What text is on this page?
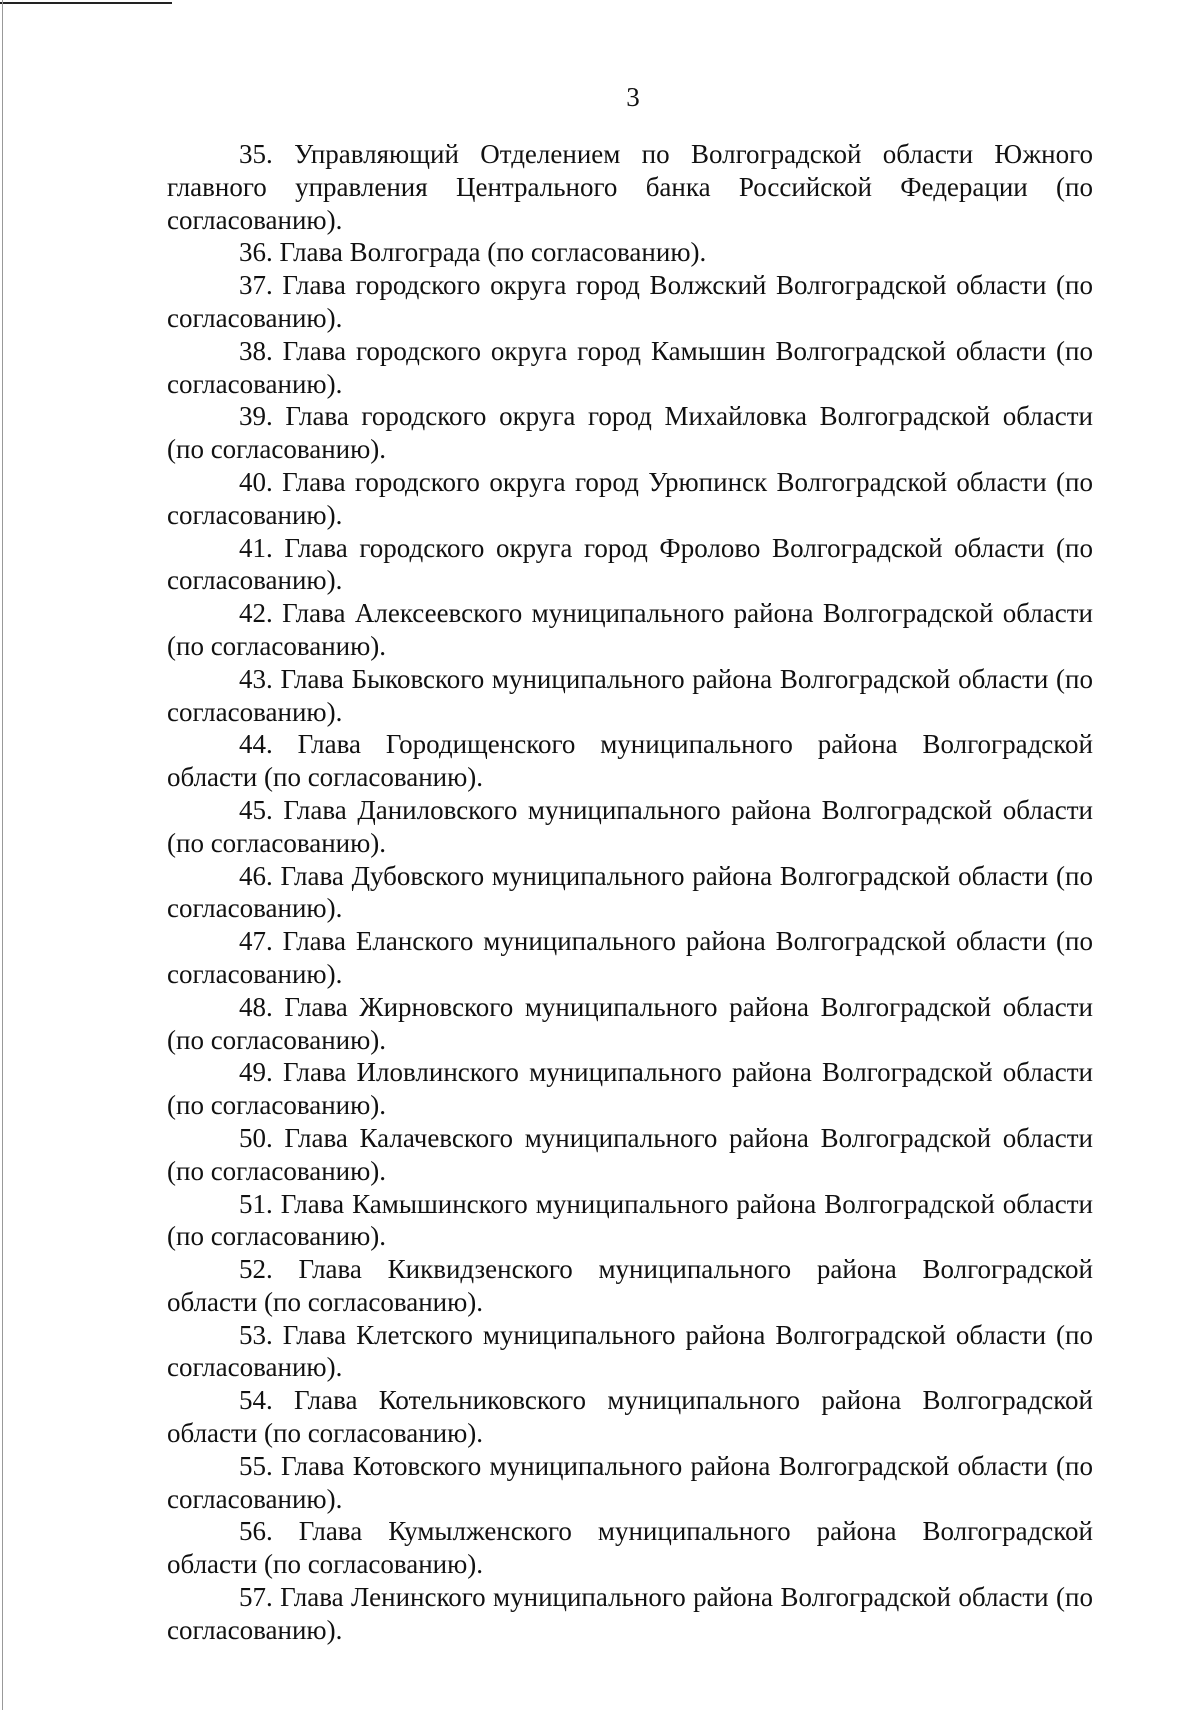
3

35. Управляющий Отделением по Волгоградской области Южного главного управления Центрального банка Российской Федерации (по согласованию).

36. Глава Волгограда (по согласованию).

37. Глава городского округа город Волжский Волгоградской области (по согласованию).

38. Глава городского округа город Камышин Волгоградской области (по согласованию).

39. Глава городского округа город Михайловка Волгоградской области (по согласованию).

40. Глава городского округа город Урюпинск Волгоградской области (по согласованию).

41. Глава городского округа город Фролово Волгоградской области (по согласованию).

42. Глава Алексеевского муниципального района Волгоградской области (по согласованию).

43. Глава Быковского муниципального района Волгоградской области (по согласованию).

44. Глава Городищенского муниципального района Волгоградской области (по согласованию).

45. Глава Даниловского муниципального района Волгоградской области (по согласованию).

46. Глава Дубовского муниципального района Волгоградской области (по согласованию).

47. Глава Еланского муниципального района Волгоградской области (по согласованию).

48. Глава Жирновского муниципального района Волгоградской области (по согласованию).

49. Глава Иловлинского муниципального района Волгоградской области (по согласованию).

50. Глава Калачевского муниципального района Волгоградской области (по согласованию).

51. Глава Камышинского муниципального района Волгоградской области (по согласованию).

52. Глава Киквидзенского муниципального района Волгоградской области (по согласованию).

53. Глава Клетского муниципального района Волгоградской области (по согласованию).

54. Глава Котельниковского муниципального района Волгоградской области (по согласованию).

55. Глава Котовского муниципального района Волгоградской области (по согласованию).

56. Глава Кумылженского муниципального района Волгоградской области (по согласованию).

57. Глава Ленинского муниципального района Волгоградской области (по согласованию).
